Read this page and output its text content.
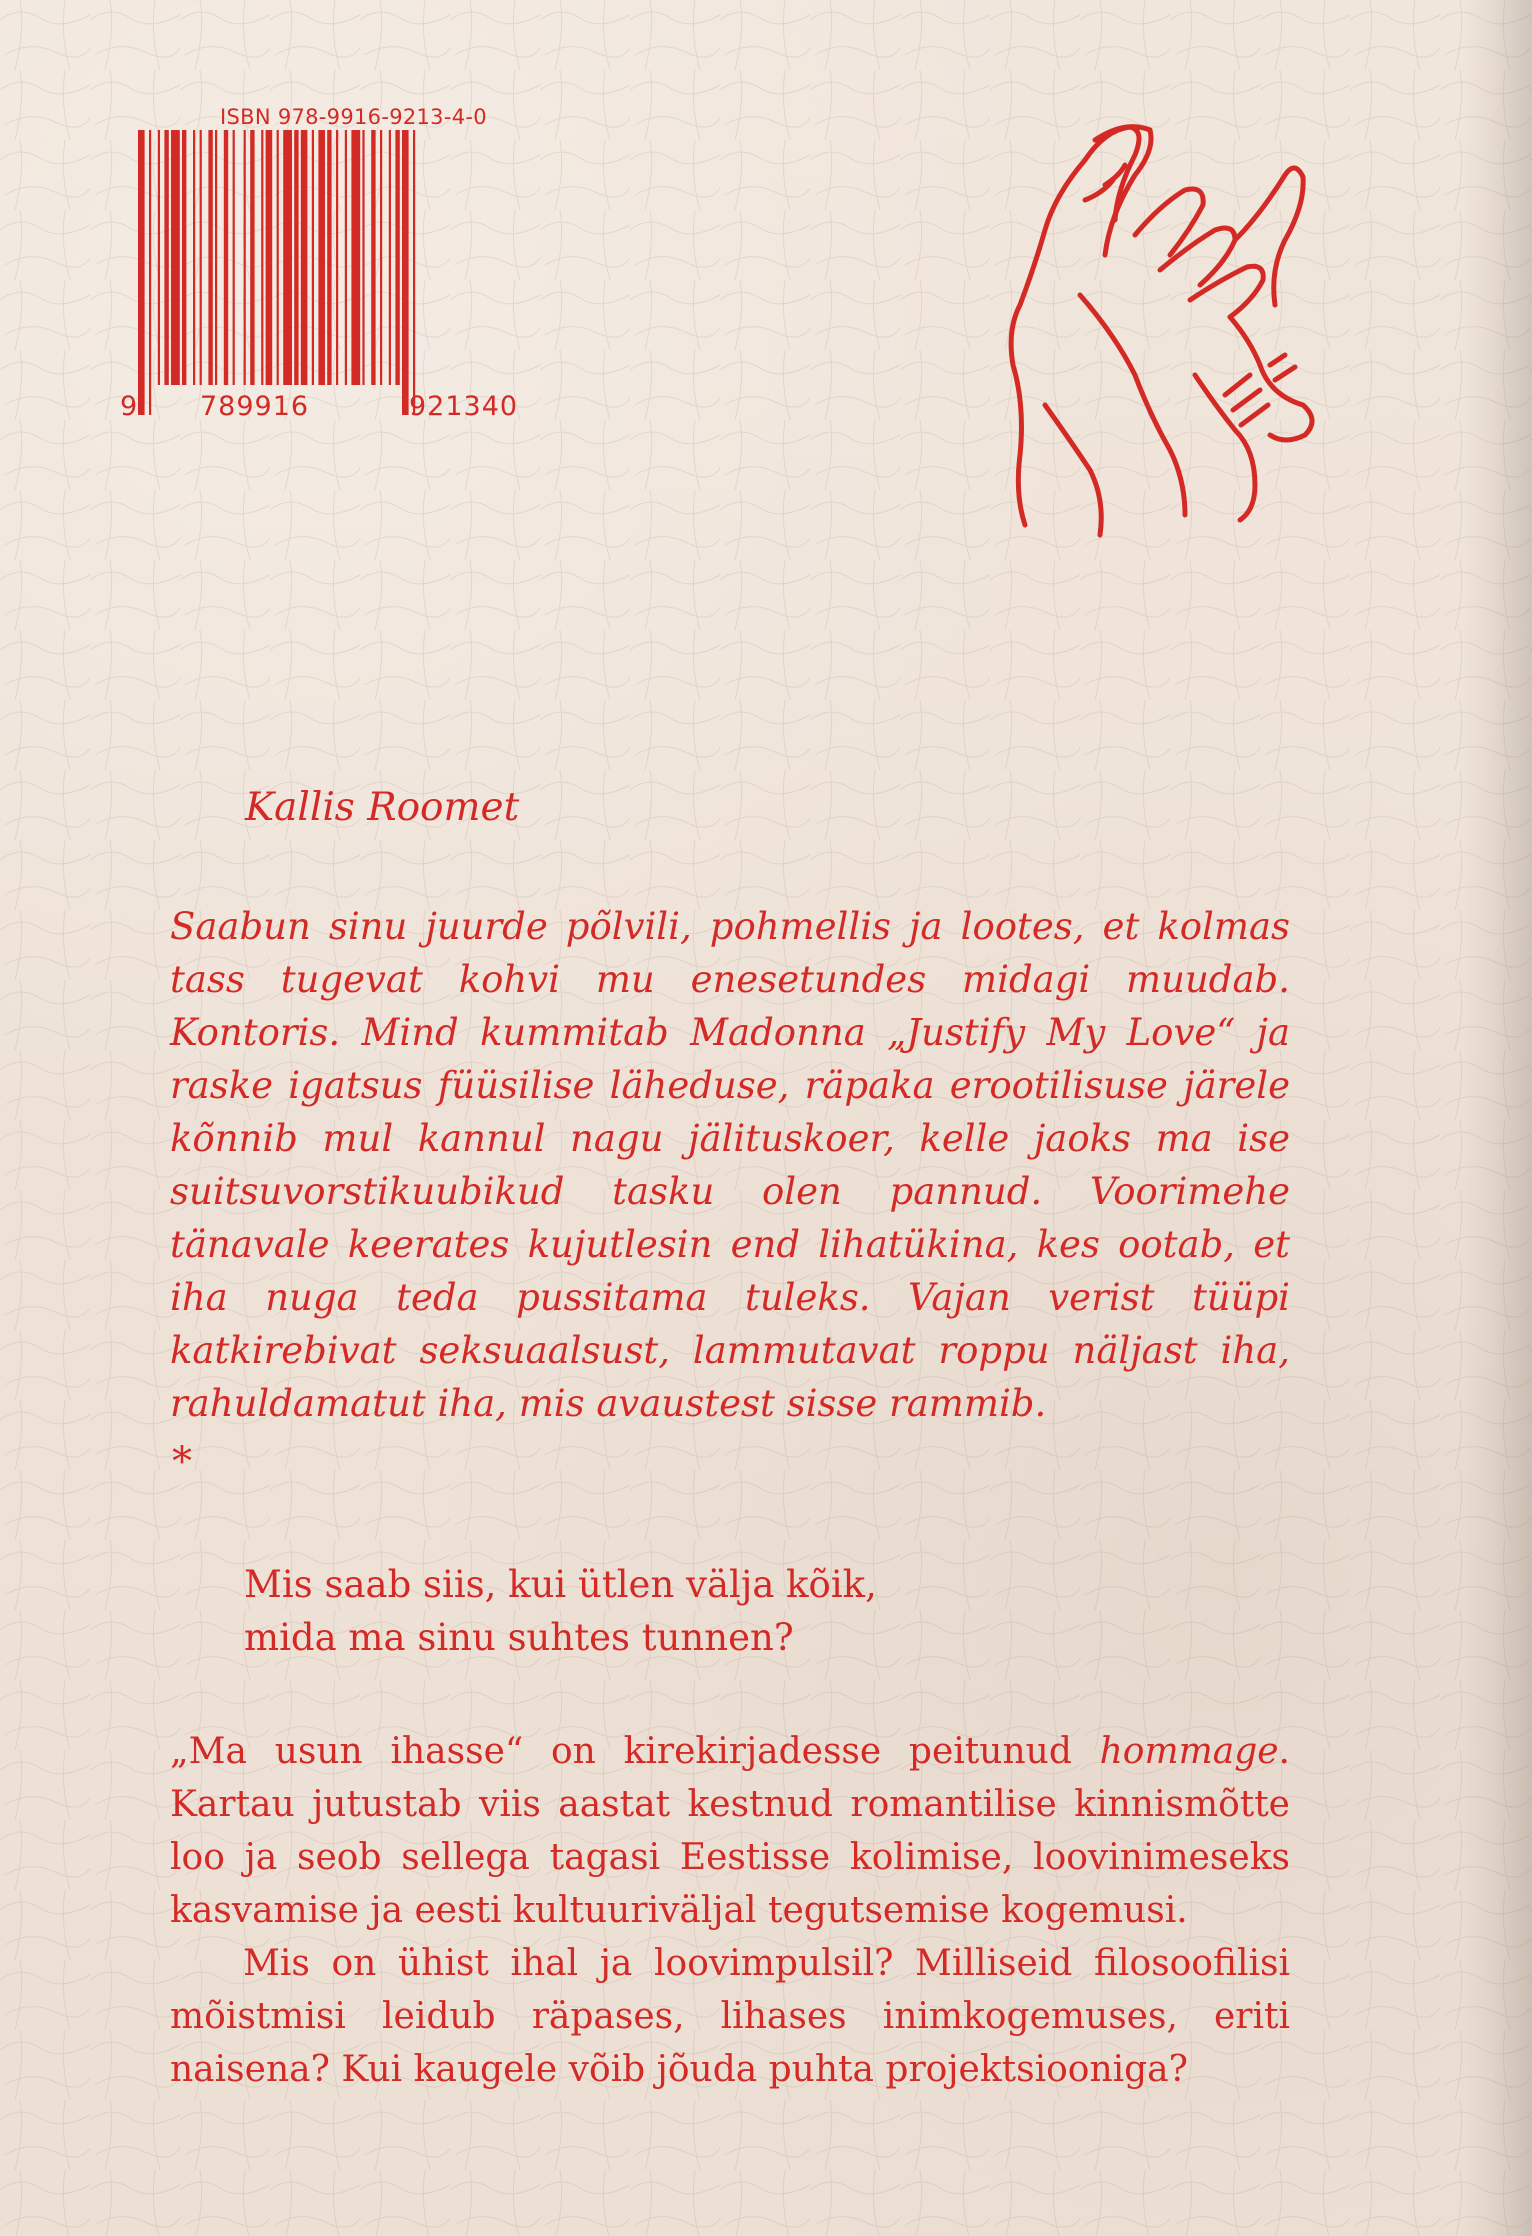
ISBN 978-9916-9213-4-0
9 789916	921340
Kallis Roomet
Saabun sinu juurde põlvili, pohmellis ja lootes, et kolmas tass tugevat kohvi mu enesetundes midagi muudab. Kontoris. Mind kummitab Madonna „Justify My Love“ ja raske igatsus füüsilise läheduse, räpaka erootilisuse järele kõnnib mul kannul nagu jälituskoer, kelle jaoks ma ise suitsuvorstikuubikud tasku olen pannud. Voorimehe tänavale keerates kujutlesin end lihatükina, kes ootab, et iha nuga teda pussitama tuleks. Vajan verist tüüpi katkirebivat seksuaalsust, lammutavat roppu näljast iha, rahuldamatut iha, mis avaustest sisse rammib.
*
Mis saab siis, kui ütlen välja kõik,
mida ma sinu suhtes tunnen?

„Ma usun ihasse“ on kirekirjadesse peitunud hommage. Kartau jutustab viis aastat kestnud romantilise kinnismõtte loo ja seob sellega tagasi Eestisse kolimise, loovinimeseks kasvamise ja eesti kultuuriväljal tegutsemise kogemusi.

Mis on ühist ihal ja loovimpulsil? Milliseid filosoofilisi mõistmisi leidub räpases, lihases inimkogemuses, eriti naisena? Kui kaugele võib jõuda puhta projektsiooniga?
